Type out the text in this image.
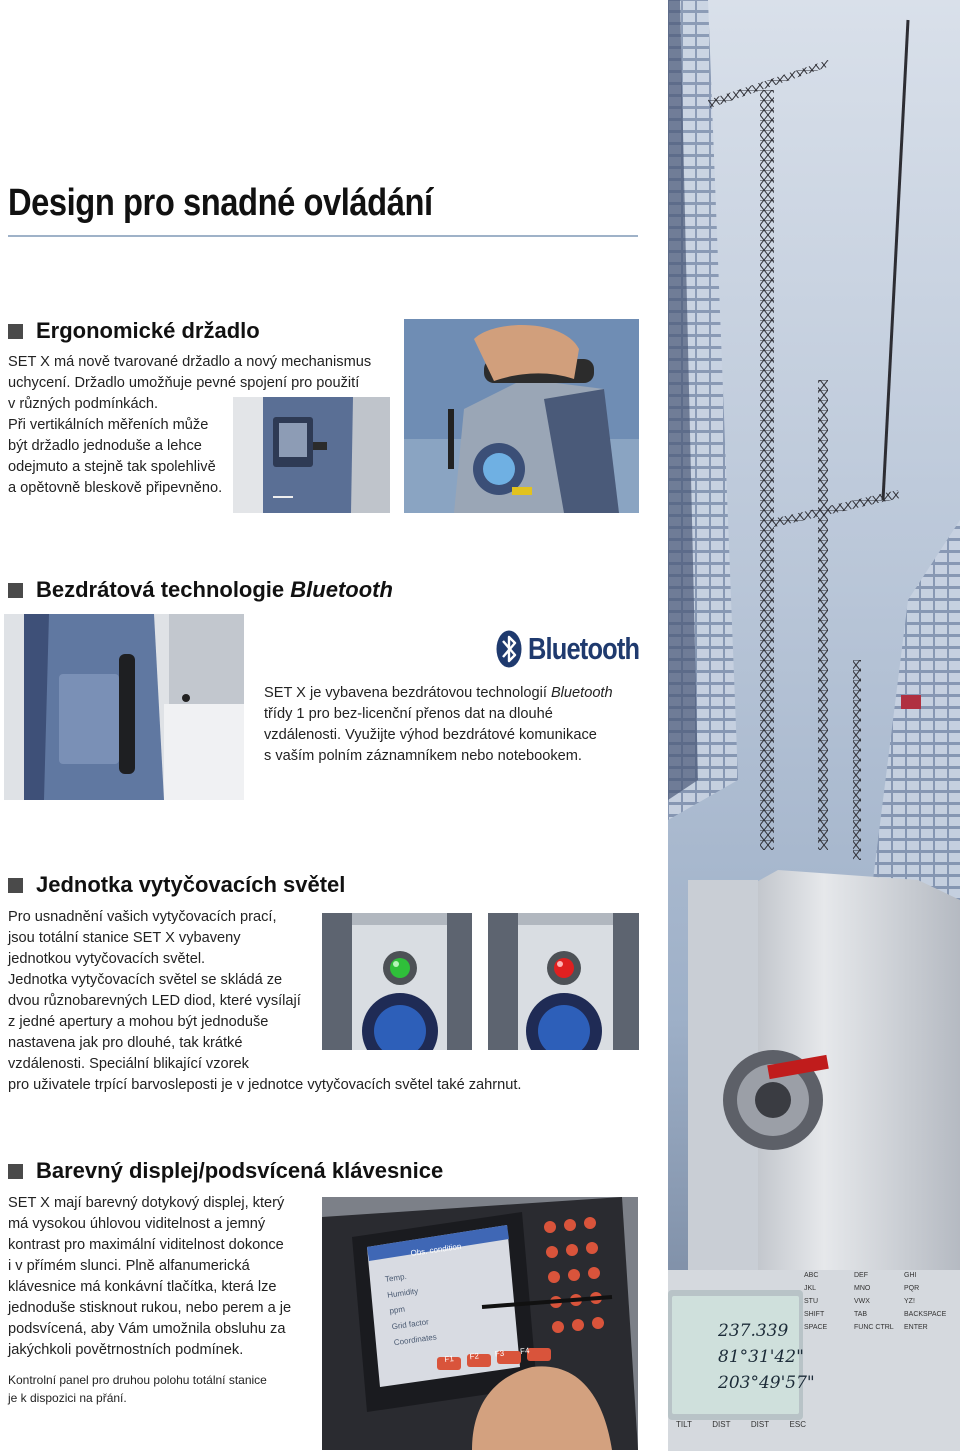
Design pro snadné ovládání
237.339
81°31'42"
203°49'57"
ABC	DEF	GHI
JKL	MNO	PQR
STU	VWX	YZ!
SHIFT	TAB	BACKSPACE
SPACE	FUNC CTRL	ENTER
TILT	DIST	DIST	ESC
Ergonomické držadlo
SET X má nově tvarované držadlo a nový mechanismus
uchycení. Držadlo umožňuje pevné spojení pro použití
v různých podmínkách.
Při vertikálních měřeních může
být držadlo jednoduše a lehce
odejmuto a stejně tak spolehlivě
a opětovně bleskově připevněno.
Bezdrátová technologie Bluetooth
Bluetooth
SET X je vybavena bezdrátovou technologií Bluetooth
třídy 1 pro bez-licenční přenos dat na dlouhé
vzdálenosti. Využijte výhod bezdrátové komunikace
s vaším polním záznamníkem nebo notebookem.
Jednotka vytyčovacích světel
Pro usnadnění vašich vytyčovacích prací,
jsou totální stanice SET X vybaveny
jednotkou vytyčovacích světel.
Jednotka vytyčovacích světel se skládá ze
dvou různobarevných LED diod, které vysílají
z jedné apertury a mohou být jednoduše
nastavena jak pro dlouhé, tak krátké
vzdálenosti. Speciální blikající vzorek
pro uživatele trpící barvosleposti je v jednotce vytyčovacích světel také zahrnut.
Barevný displej/podsvícená klávesnice
SET X mají barevný dotykový displej, který
má vysokou úhlovou viditelnost a jemný
kontrast pro maximální viditelnost dokonce
i v přímém slunci. Plně alfanumerická
klávesnice má konkávní tlačítka, která lze
jednoduše stisknout rukou, nebo perem a je
podsvícená, aby Vám umožnila obsluhu za
jakýchkoli povětrnostních podmínek.
Kontrolní panel pro druhou polohu totální stanice
je k dispozici na přání.
Obs. condition
Temp.
Humidity
ppm
Grid factor
Coordinates
F1 F2 F3 F4
